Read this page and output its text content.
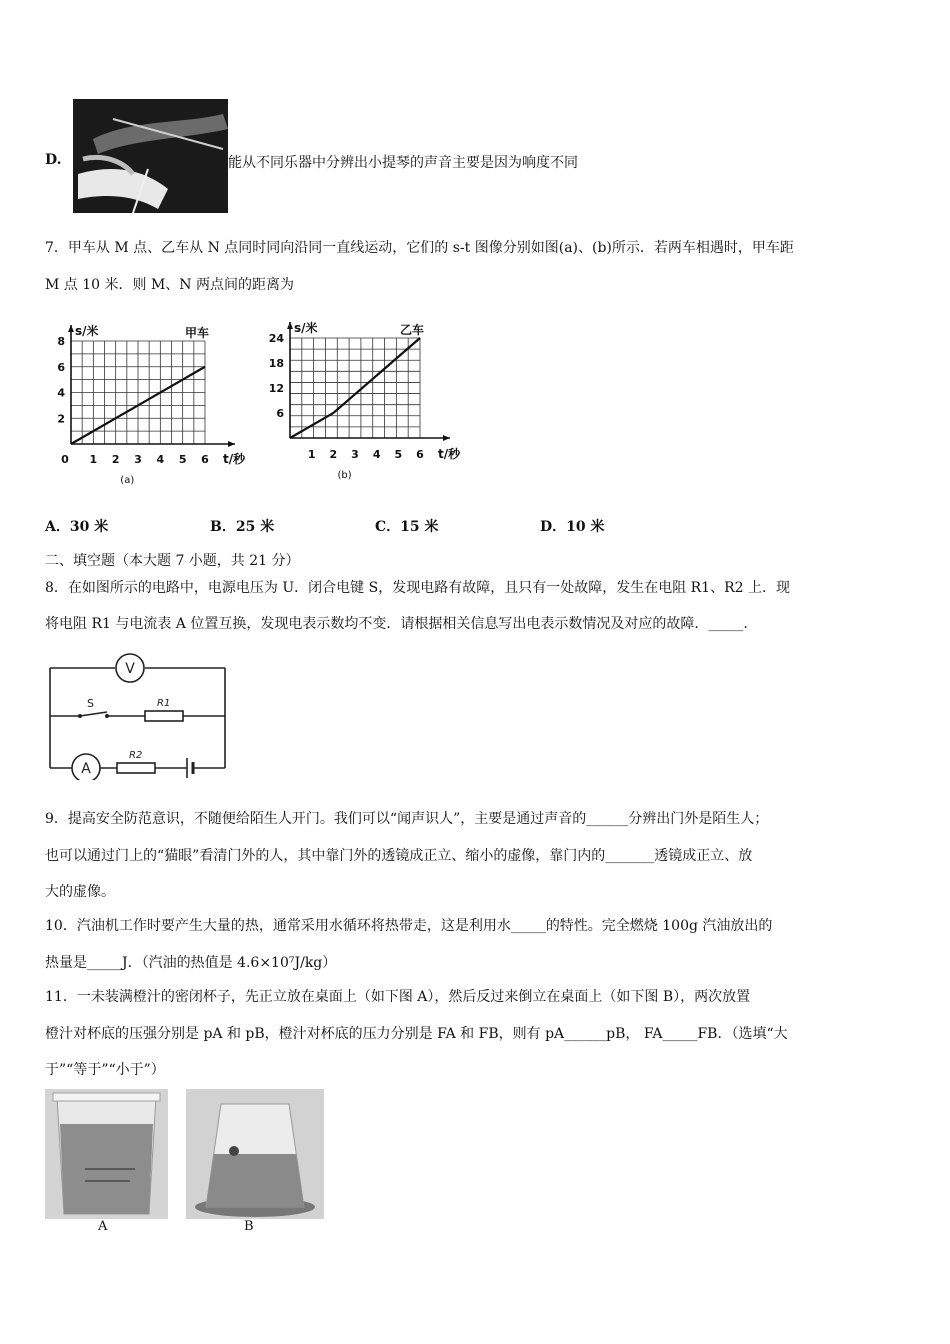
D.	能从不同乐器中分辨出小提琴的声音主要是因为响度不同
7．甲车从 M 点、乙车从 N 点同时同向沿同一直线运动，它们的 s-t 图像分别如图(a)、(b)所示．若两车相遇时，甲车距
M 点 10 米．则 M、N 两点间的距离为
0 1 2 3 4 5 6
2
4
6
8
s/米
t/秒
甲车
(a)
1 2 3 4 5 6
6
12
18
24
s/米
t/秒
乙车
(b)
A．30 米	B．25 米	C．15 米	D．10 米
二、填空题（本大题 7 小题，共 21 分）
8．在如图所示的电路中，电源电压为 U．闭合电键 S，发现电路有故障，且只有一处故障，发生在电阻 R1、R2 上．现
将电阻 R1 与电流表 A 位置互换，发现电表示数均不变．请根据相关信息写出电表示数情况及对应的故障．_____.
V
A
S	R1
R2
9．提高安全防范意识，不随便给陌生人开门。我们可以“闻声识人”，主要是通过声音的______分辨出门外是陌生人；
也可以通过门上的“猫眼”看清门外的人，其中靠门外的透镜成正立、缩小的虚像，靠门内的_______透镜成正立、放
大的虚像。
10．汽油机工作时要产生大量的热，通常采用水循环将热带走，这是利用水_____的特性。完全燃烧 100g 汽油放出的
热量是_____J．（汽油的热值是 4.6×10⁷J/kg）
11．一未装满橙汁的密闭杯子，先正立放在桌面上（如下图 A），然后反过来倒立在桌面上（如下图 B），两次放置
橙汁对杯底的压强分别是 pA 和 pB，橙汁对杯底的压力分别是 FA 和 FB，则有 pA______pB， FA_____FB．（选填“大
于”“等于”“小于”）
A	B
